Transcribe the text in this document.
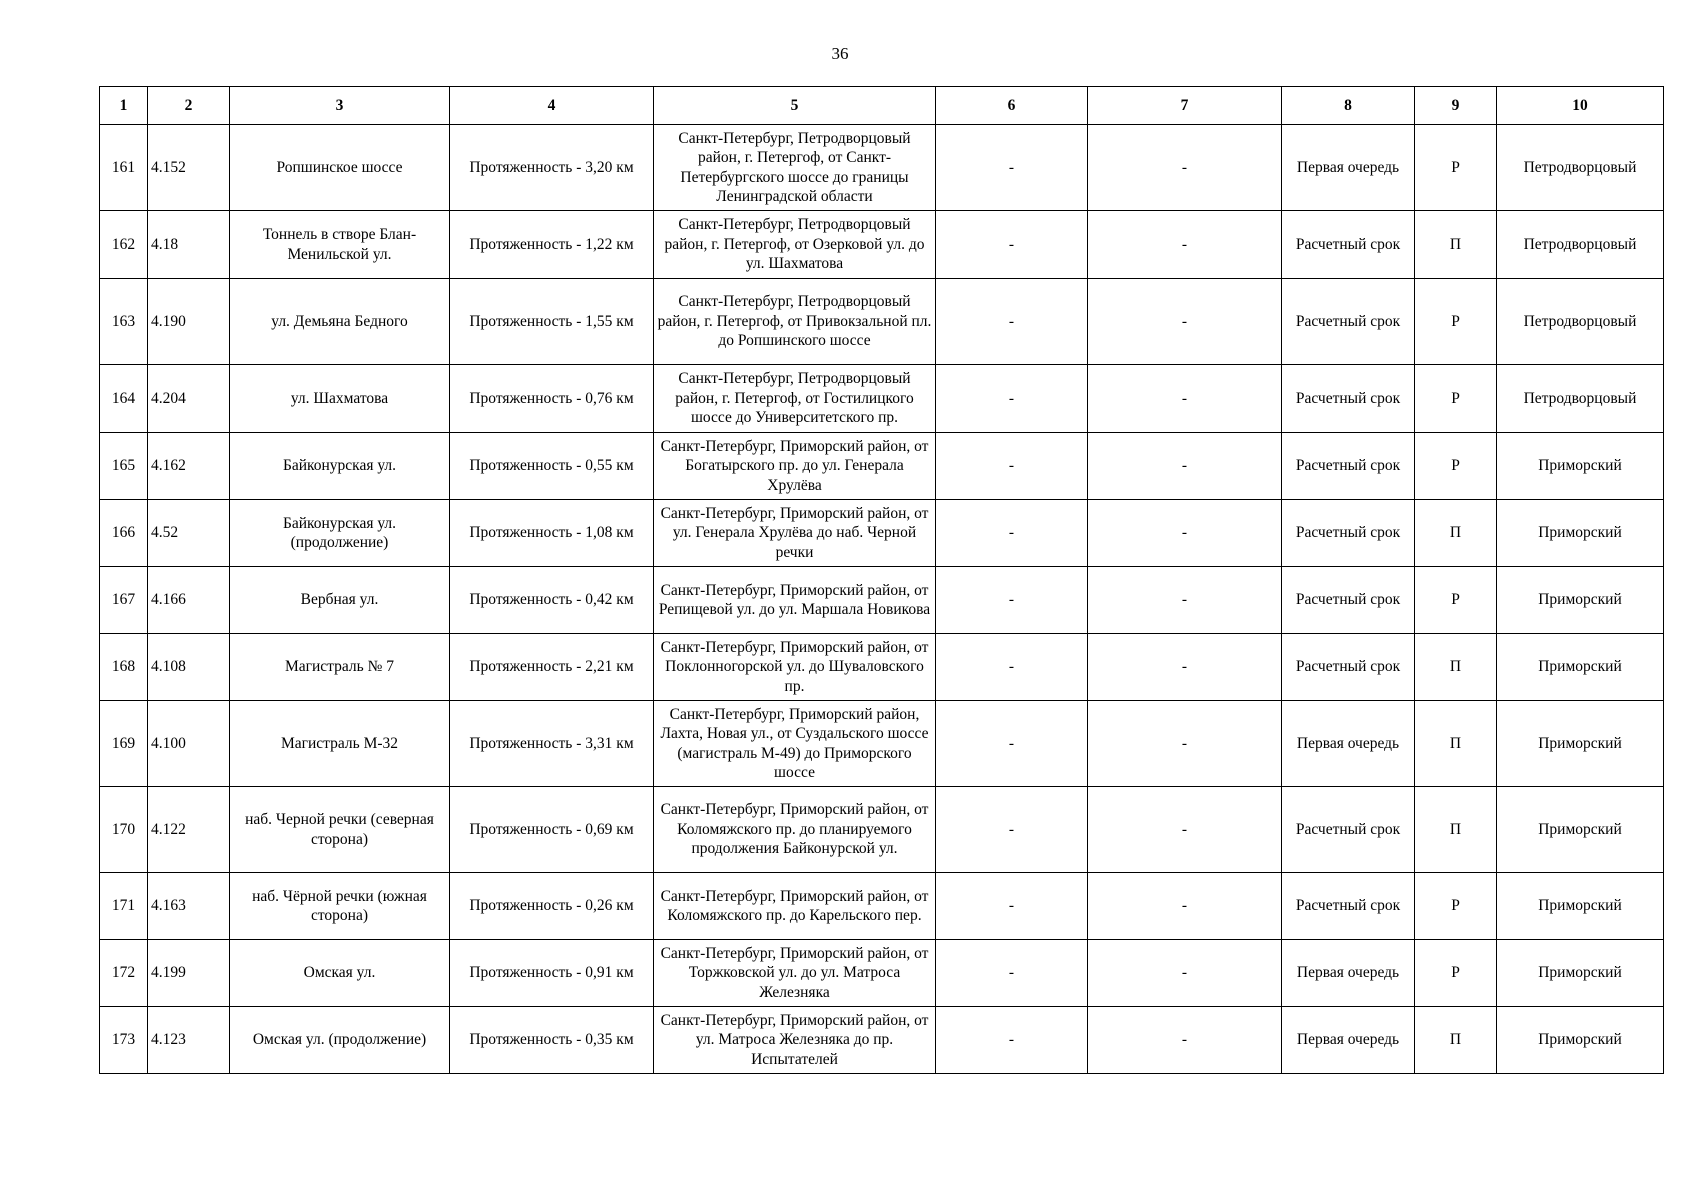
36
1	2	3	4	5	6	7	8	9	10
161	4.152	Ропшинское шоссе	Протяженность - 3,20 км	Санкт-Петербург, Петродворцовый район, г. Петергоф, от Санкт-Петербургского шоссе до границы Ленинградской области	-	-	Первая очередь	Р	Петродворцовый
162	4.18	Тоннель в створе Блан-Менильской ул.	Протяженность - 1,22 км	Санкт-Петербург, Петродворцовый район, г. Петергоф, от Озерковой ул. до ул. Шахматова	-	-	Расчетный срок	П	Петродворцовый
163	4.190	ул. Демьяна Бедного	Протяженность - 1,55 км	Санкт-Петербург, Петродворцовый район, г. Петергоф, от Привокзальной пл. до Ропшинского шоссе	-	-	Расчетный срок	Р	Петродворцовый
164	4.204	ул. Шахматова	Протяженность - 0,76 км	Санкт-Петербург, Петродворцовый район, г. Петергоф, от Гостилицкого шоссе до Университетского пр.	-	-	Расчетный срок	Р	Петродворцовый
165	4.162	Байконурская ул.	Протяженность - 0,55 км	Санкт-Петербург, Приморский район, от Богатырского пр. до ул. Генерала Хрулёва	-	-	Расчетный срок	Р	Приморский
166	4.52	Байконурская ул. (продолжение)	Протяженность - 1,08 км	Санкт-Петербург, Приморский район, от ул. Генерала Хрулёва до наб. Черной речки	-	-	Расчетный срок	П	Приморский
167	4.166	Вербная ул.	Протяженность - 0,42 км	Санкт-Петербург, Приморский район, от Репищевой ул. до ул. Маршала Новикова	-	-	Расчетный срок	Р	Приморский
168	4.108	Магистраль № 7	Протяженность - 2,21 км	Санкт-Петербург, Приморский район, от Поклонногорской ул. до Шуваловского пр.	-	-	Расчетный срок	П	Приморский
169	4.100	Магистраль М-32	Протяженность - 3,31 км	Санкт-Петербург, Приморский район, Лахта, Новая ул., от Суздальского шоссе (магистраль М-49) до Приморского шоссе	-	-	Первая очередь	П	Приморский
170	4.122	наб. Черной речки (северная сторона)	Протяженность - 0,69 км	Санкт-Петербург, Приморский район, от Коломяжского пр. до планируемого продолжения Байконурской ул.	-	-	Расчетный срок	П	Приморский
171	4.163	наб. Чёрной речки (южная сторона)	Протяженность - 0,26 км	Санкт-Петербург, Приморский район, от Коломяжского пр. до Карельского пер.	-	-	Расчетный срок	Р	Приморский
172	4.199	Омская ул.	Протяженность - 0,91 км	Санкт-Петербург, Приморский район, от Торжковской ул. до ул. Матроса Железняка	-	-	Первая очередь	Р	Приморский
173	4.123	Омская ул. (продолжение)	Протяженность - 0,35 км	Санкт-Петербург, Приморский район, от ул. Матроса Железняка до пр. Испытателей	-	-	Первая очередь	П	Приморский
